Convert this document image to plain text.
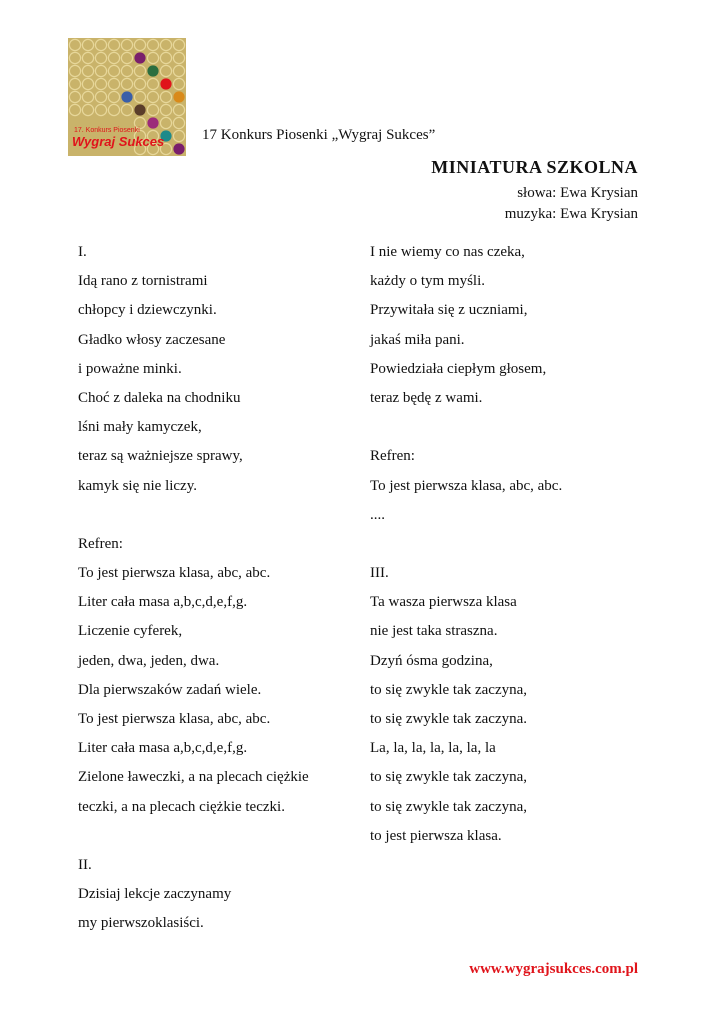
17. Konkurs Piosenki
Wygraj Sukces	17 Konkurs Piosenki „Wygraj Sukces”
MINIATURA SZKOLNA
słowa: Ewa Krysian
muzyka: Ewa Krysian
I.
Idą rano z tornistrami
chłopcy i dziewczynki.
Gładko włosy zaczesane
i poważne minki.
Choć z daleka na chodniku
lśni mały kamyczek,
teraz są ważniejsze sprawy,
kamyk się nie liczy.
Refren:
To jest pierwsza klasa, abc, abc.
Liter cała masa a,b,c,d,e,f,g.
Liczenie cyferek,
jeden, dwa, jeden, dwa.
Dla pierwszaków zadań wiele.
To jest pierwsza klasa, abc, abc.
Liter cała masa a,b,c,d,e,f,g.
Zielone ławeczki, a na plecach ciężkie
teczki, a na plecach ciężkie teczki.
II.
Dzisiaj lekcje zaczynamy
my pierwszoklasiści.
I nie wiemy co nas czeka,
każdy o tym myśli.
Przywitała się z uczniami,
jakaś miła pani.
Powiedziała ciepłym głosem,
teraz będę z wami.
Refren:
To jest pierwsza klasa, abc, abc.
....
III.
Ta wasza pierwsza klasa
nie jest taka straszna.
Dzyń ósma godzina,
to się zwykle tak zaczyna,
to się zwykle tak zaczyna.
La, la, la, la, la, la, la
to się zwykle tak zaczyna,
to się zwykle tak zaczyna,
to jest pierwsza klasa.
www.wygrajsukces.com.pl
